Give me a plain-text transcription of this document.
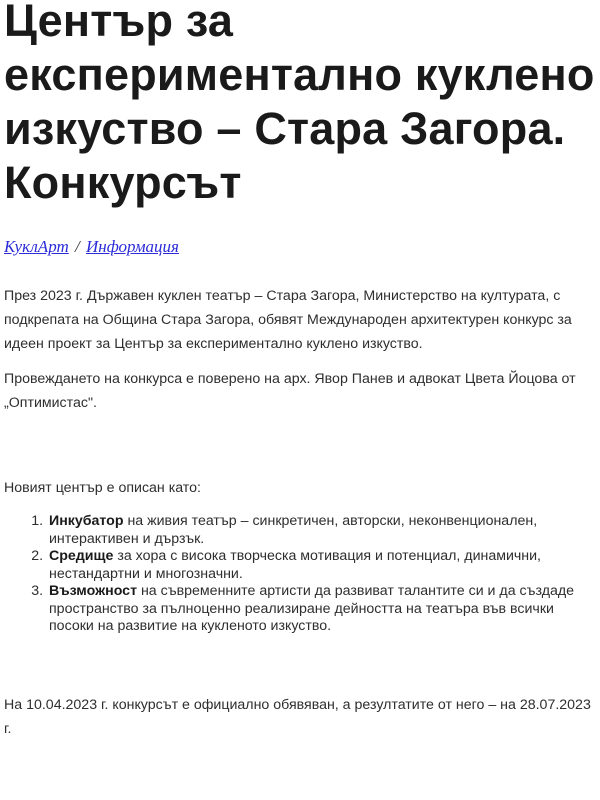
Център за експериментално куклено изкуство – Стара Загора. Конкурсът
КуклАрт / Информация

През 2023 г. Държавен куклен театър – Стара Загора, Министерство на културата, с подкрепата на Община Стара Загора, обявят Международен архитектурен конкурс за идеен проект за Център за експериментално куклено изкуство.

Провеждането на конкурса е поверено на арх. Явор Панев и адвокат Цвета Йоцова от „Оптимистас".

Новият център е описан като:

1. Инкубатор на живия театър – синкретичен, авторски, неконвенционален, интерактивен и дързък.
2. Средище за хора с висока творческа мотивация и потенциал, динамични, нестандартни и многозначни.
3. Възможност на съвременните артисти да развиват талантите си и да създаде пространство за пълноценно реализиране дейността на театъра във всички посоки на развитие на кукленото изкуство.

На 10.04.2023 г. конкурсът е официално обявяван, а резултатите от него – на 28.07.2023 г.
